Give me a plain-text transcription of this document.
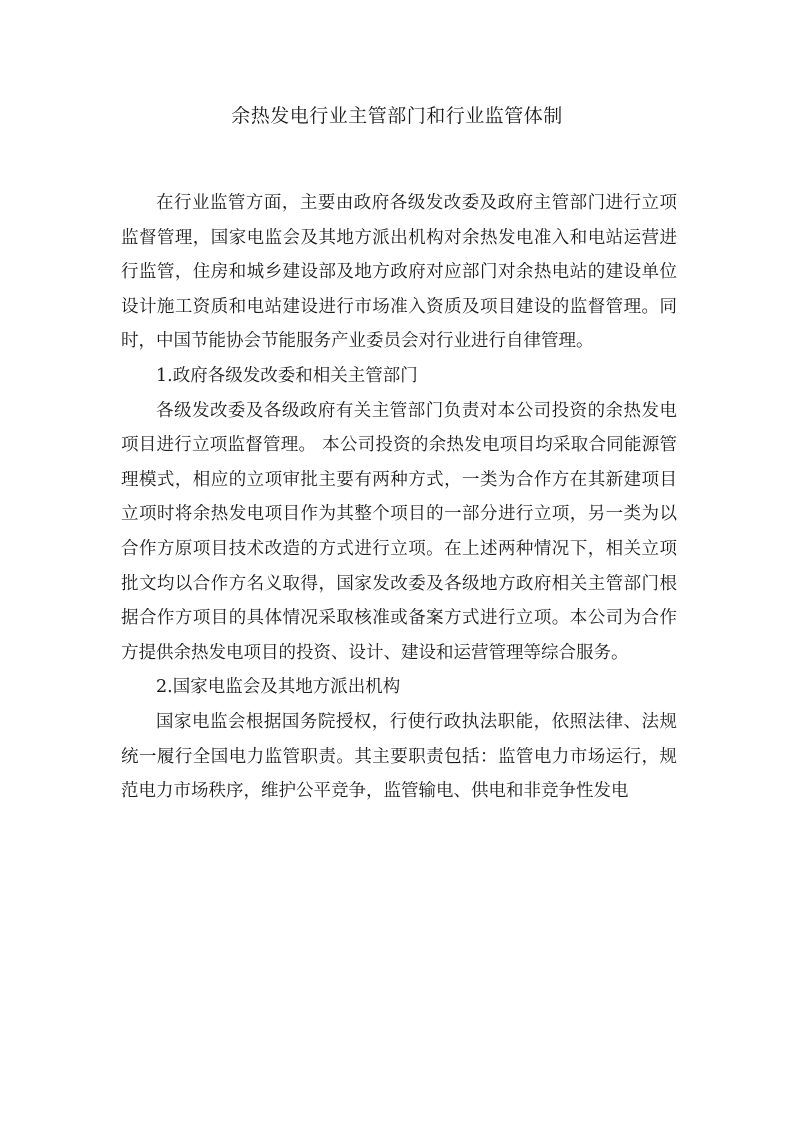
余热发电行业主管部门和行业监管体制

在行业监管方面，主要由政府各级发改委及政府主管部门进行立项监督管理，国家电监会及其地方派出机构对余热发电准入和电站运营进行监管，住房和城乡建设部及地方政府对应部门对余热电站的建设单位设计施工资质和电站建设进行市场准入资质及项目建设的监督管理。同时，中国节能协会节能服务产业委员会对行业进行自律管理。

1.政府各级发改委和相关主管部门

各级发改委及各级政府有关主管部门负责对本公司投资的余热发电项目进行立项监督管理。 本公司投资的余热发电项目均采取合同能源管理模式，相应的立项审批主要有两种方式，一类为合作方在其新建项目立项时将余热发电项目作为其整个项目的一部分进行立项，另一类为以合作方原项目技术改造的方式进行立项。在上述两种情况下，相关立项批文均以合作方名义取得，国家发改委及各级地方政府相关主管部门根据合作方项目的具体情况采取核准或备案方式进行立项。本公司为合作方提供余热发电项目的投资、设计、建设和运营管理等综合服务。

2.国家电监会及其地方派出机构

国家电监会根据国务院授权，行使行政执法职能，依照法律、法规统一履行全国电力监管职责。其主要职责包括：监管电力市场运行，规范电力市场秩序，维护公平竞争，监管输电、供电和非竞争性发电
